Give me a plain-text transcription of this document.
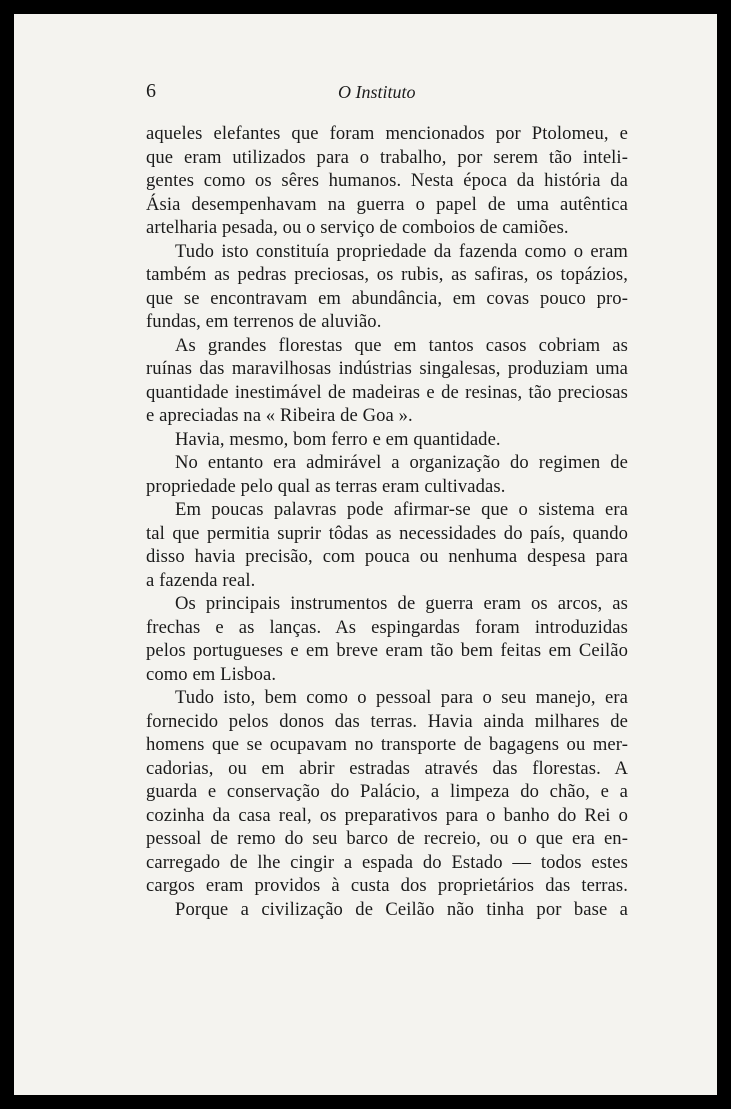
6	O Instituto
aqueles elefantes que foram mencionados por Ptolomeu, e
que eram utilizados para o trabalho, por serem tão inteli-
gentes como os sêres humanos. Nesta época da história da
Ásia desempenhavam na guerra o papel de uma autêntica
artelharia pesada, ou o serviço de comboios de camiões.
Tudo isto constituía propriedade da fazenda como o eram
também as pedras preciosas, os rubis, as safiras, os topázios,
que se encontravam em abundância, em covas pouco pro-
fundas, em terrenos de aluvião.
As grandes florestas que em tantos casos cobriam as
ruínas das maravilhosas indústrias singalesas, produziam uma
quantidade inestimável de madeiras e de resinas, tão preciosas
e apreciadas na « Ribeira de Goa ».
Havia, mesmo, bom ferro e em quantidade.
No entanto era admirável a organização do regimen de
propriedade pelo qual as terras eram cultivadas.
Em poucas palavras pode afirmar-se que o sistema era
tal que permitia suprir tôdas as necessidades do país, quando
disso havia precisão, com pouca ou nenhuma despesa para
a fazenda real.
Os principais instrumentos de guerra eram os arcos, as
frechas e as lanças. As espingardas foram introduzidas
pelos portugueses e em breve eram tão bem feitas em Ceilão
como em Lisboa.
Tudo isto, bem como o pessoal para o seu manejo, era
fornecido pelos donos das terras. Havia ainda milhares de
homens que se ocupavam no transporte de bagagens ou mer-
cadorias, ou em abrir estradas através das florestas. A
guarda e conservação do Palácio, a limpeza do chão, e a
cozinha da casa real, os preparativos para o banho do Rei o
pessoal de remo do seu barco de recreio, ou o que era en-
carregado de lhe cingir a espada do Estado — todos estes
cargos eram providos à custa dos proprietários das terras.
Porque a civilização de Ceilão não tinha por base a
